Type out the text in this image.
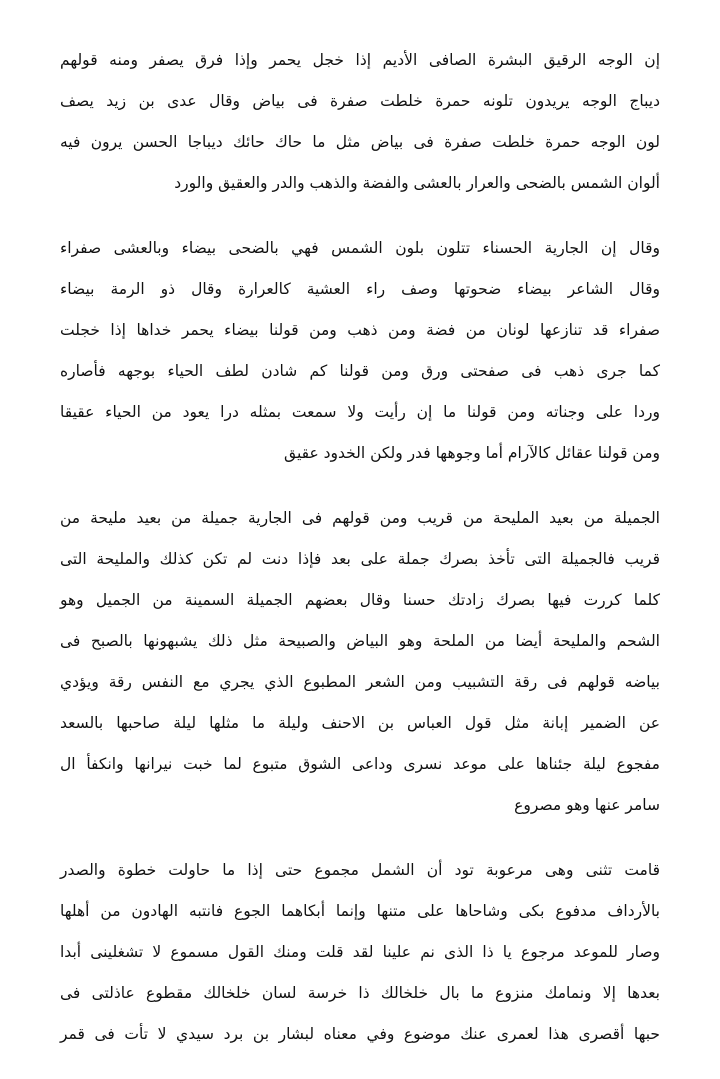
إن الوجه الرقيق البشرة الصافى الأديم إذا خجل يحمر وإذا فرق يصفر ومنه قولهم
ديباج الوجه يريدون تلونه حمرة خلطت صفرة فى بياض وقال عدى بن زيد يصف
لون الوجه حمرة خلطت صفرة فى بياض مثل ما حاك حائك ديباجا الحسن يرون فيه
ألوان الشمس بالضحى والعرار بالعشى والفضة والذهب والدر والعقيق والورد
وقال إن الجارية الحسناء تتلون بلون الشمس فهي بالضحى بيضاء وبالعشى صفراء
وقال الشاعر بيضاء ضحوتها وصف راء العشية كالعرارة وقال ذو الرمة بيضاء
صفراء قد تنازعها لونان من فضة ومن ذهب ومن قولنا بيضاء يحمر خداها إذا خجلت
كما جرى ذهب فى صفحتى ورق ومن قولنا كم شادن لطف الحياء بوجهه فأصاره
وردا على وجناته ومن قولنا ما إن رأيت ولا سمعت بمثله درا يعود من الحياء عقيقا
ومن قولنا عقائل كالآرام أما وجوهها فدر ولكن الخدود عقيق
الجميلة من بعيد المليحة من قريب ومن قولهم فى الجارية جميلة من بعيد مليحة من
قريب فالجميلة التى تأخذ بصرك جملة على بعد فإذا دنت لم تكن كذلك والمليحة التى
كلما كررت فيها بصرك زادتك حسنا وقال بعضهم الجميلة السمينة من الجميل وهو
الشحم والمليحة أيضا من الملحة وهو البياض والصبيحة مثل ذلك يشبهونها بالصبح فى
بياضه قولهم فى رقة التشبيب ومن الشعر المطبوع الذي يجري مع النفس رقة ويؤدي
عن الضمير إبانة مثل قول العباس بن الاحنف وليلة ما مثلها ليلة صاحبها بالسعد
مفجوع ليلة جئناها على موعد نسرى وداعى الشوق متبوع لما خبت نيرانها وانكفأ ال
سامر عنها وهو مصروع
قامت تثنى وهى مرعوبة تود أن الشمل مجموع حتى إذا ما حاولت خطوة والصدر
بالأرداف مدفوع بكى وشاحاها على متنها وإنما أبكاهما الجوع فانتبه الهادون من أهلها
وصار للموعد مرجوع يا ذا الذى نم علينا لقد قلت ومنك القول مسموع لا تشغلينى أبدا
بعدها إلا ونمامك منزوع ما بال خلخالك ذا خرسة لسان خلخالك مقطوع عاذلتى فى
حبها أقصرى هذا لعمرى عنك موضوع وفي معناه لبشار بن برد سيدي لا تأت فى قمر
